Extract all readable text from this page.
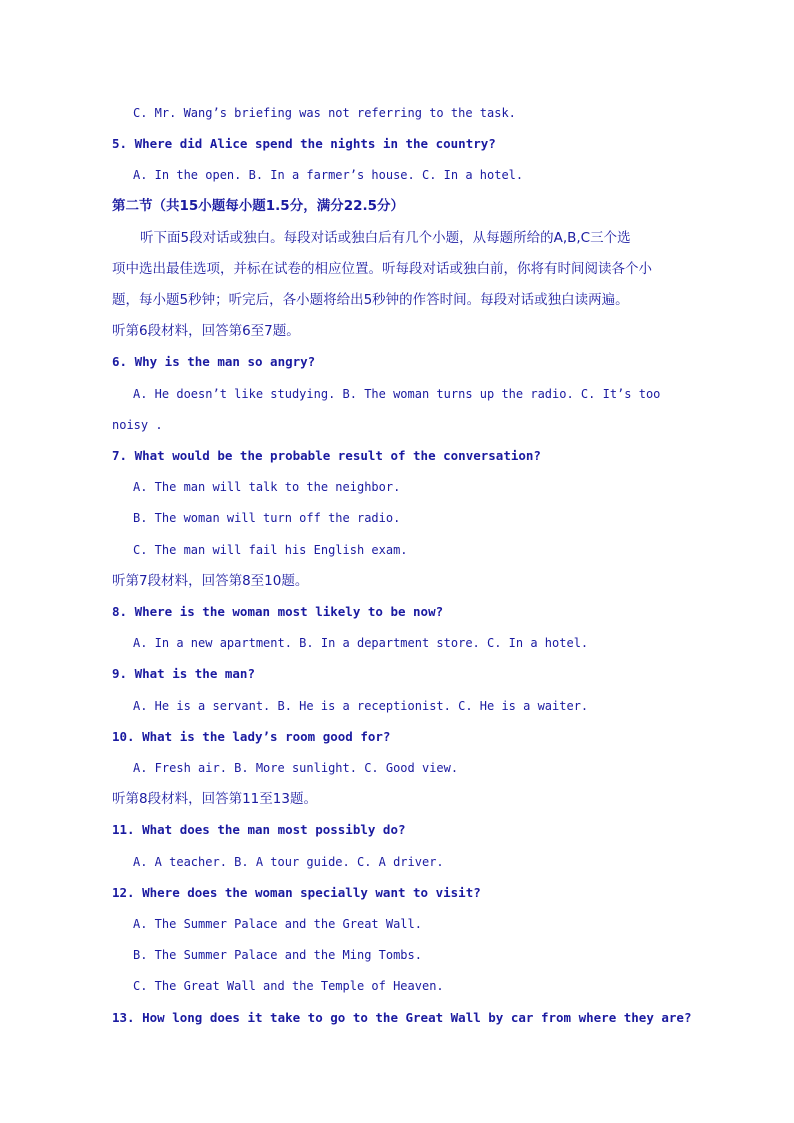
C. Mr. Wang’s briefing was not referring to the task.
5. Where did Alice spend the nights in the country?
A. In the open. B. In a farmer’s house. C. In a hotel.
第二节（共15小题每小题1.5分，满分22.5分）
听下面5段对话或独白。每段对话或独白后有几个小题，从每题所给的A,B,C三个选
项中选出最佳选项，并标在试卷的相应位置。听每段对话或独白前，你将有时间阅读各个小
题，每小题5秒钟；听完后，各小题将给出5秒钟的作答时间。每段对话或独白读两遍。
听第6段材料，回答第6至7题。
6. Why is the man so angry?
A. He doesn’t like studying. B. The woman turns up the radio. C. It’s too
noisy .
7. What would be the probable result of the conversation?
A. The man will talk to the neighbor.
B. The woman will turn off the radio.
C. The man will fail his English exam.
听第7段材料，回答第8至10题。
8. Where is the woman most likely to be now?
A. In a new apartment. B. In a department store. C. In a hotel.
9. What is the man?
A. He is a servant. B. He is a receptionist. C. He is a waiter.
10. What is the lady’s room good for?
A. Fresh air. B. More sunlight. C. Good view.
听第8段材料，回答第11至13题。
11. What does the man most possibly do?
A. A teacher. B. A tour guide. C. A driver.
12. Where does the woman specially want to visit?
A. The Summer Palace and the Great Wall.
B. The Summer Palace and the Ming Tombs.
C. The Great Wall and the Temple of Heaven.
13. How long does it take to go to the Great Wall by car from where they are?
